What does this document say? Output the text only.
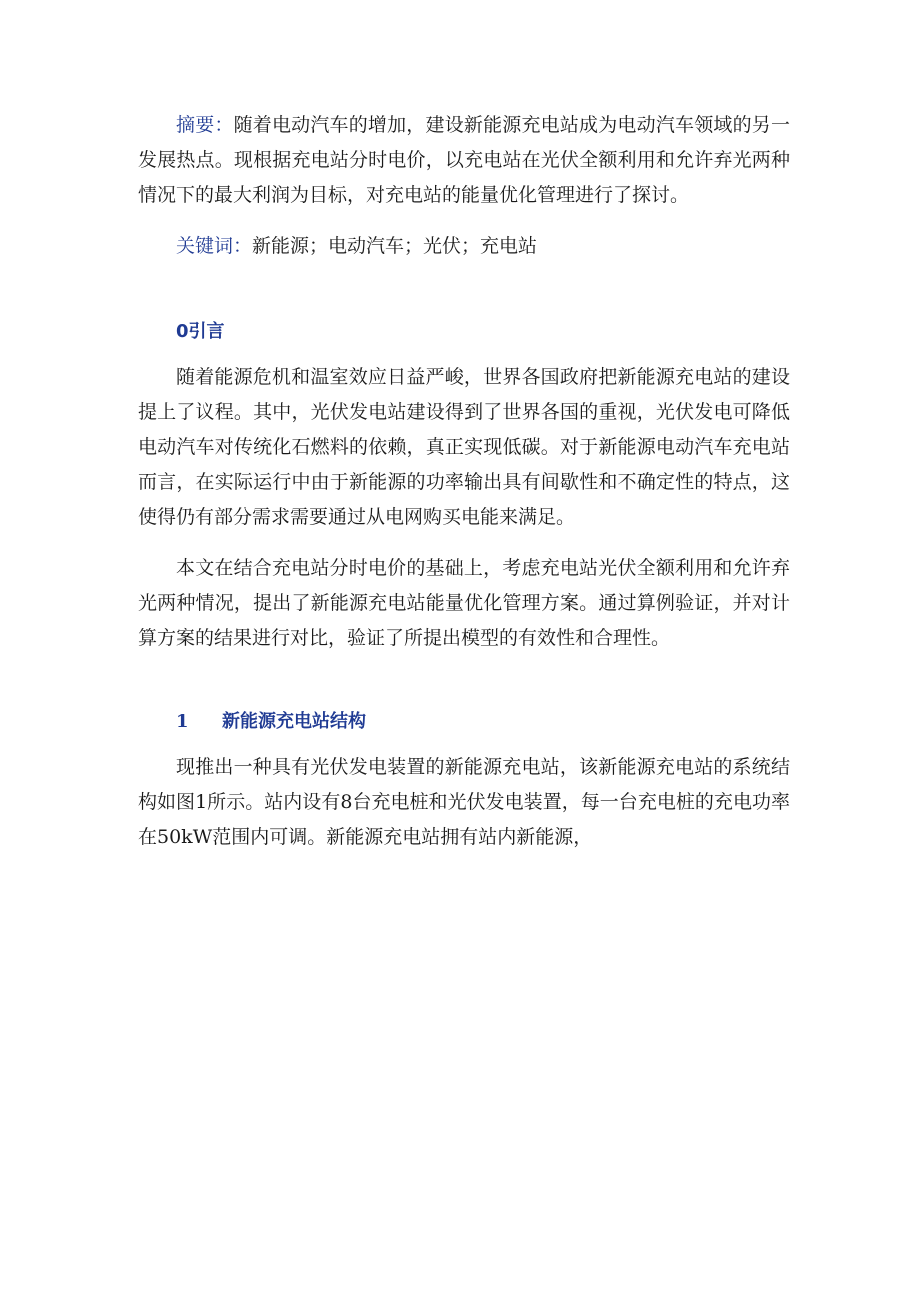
摘要：随着电动汽车的增加，建设新能源充电站成为电动汽车领域的另一发展热点。现根据充电站分时电价，以充电站在光伏全额利用和允许弃光两种情况下的最大利润为目标，对充电站的能量优化管理进行了探讨。

关键词：新能源；电动汽车；光伏；充电站

0引言

随着能源危机和温室效应日益严峻，世界各国政府把新能源充电站的建设提上了议程。其中，光伏发电站建设得到了世界各国的重视，光伏发电可降低电动汽车对传统化石燃料的依赖，真正实现低碳。对于新能源电动汽车充电站而言，在实际运行中由于新能源的功率输出具有间歇性和不确定性的特点，这使得仍有部分需求需要通过从电网购买电能来满足。

本文在结合充电站分时电价的基础上，考虑充电站光伏全额利用和允许弃光两种情况，提出了新能源充电站能量优化管理方案。通过算例验证，并对计算方案的结果进行对比，验证了所提出模型的有效性和合理性。

1 新能源充电站结构

现推出一种具有光伏发电装置的新能源充电站，该新能源充电站的系统结构如图1所示。站内设有8台充电桩和光伏发电装置，每一台充电桩的充电功率在50kW范围内可调。新能源充电站拥有站内新能源，
